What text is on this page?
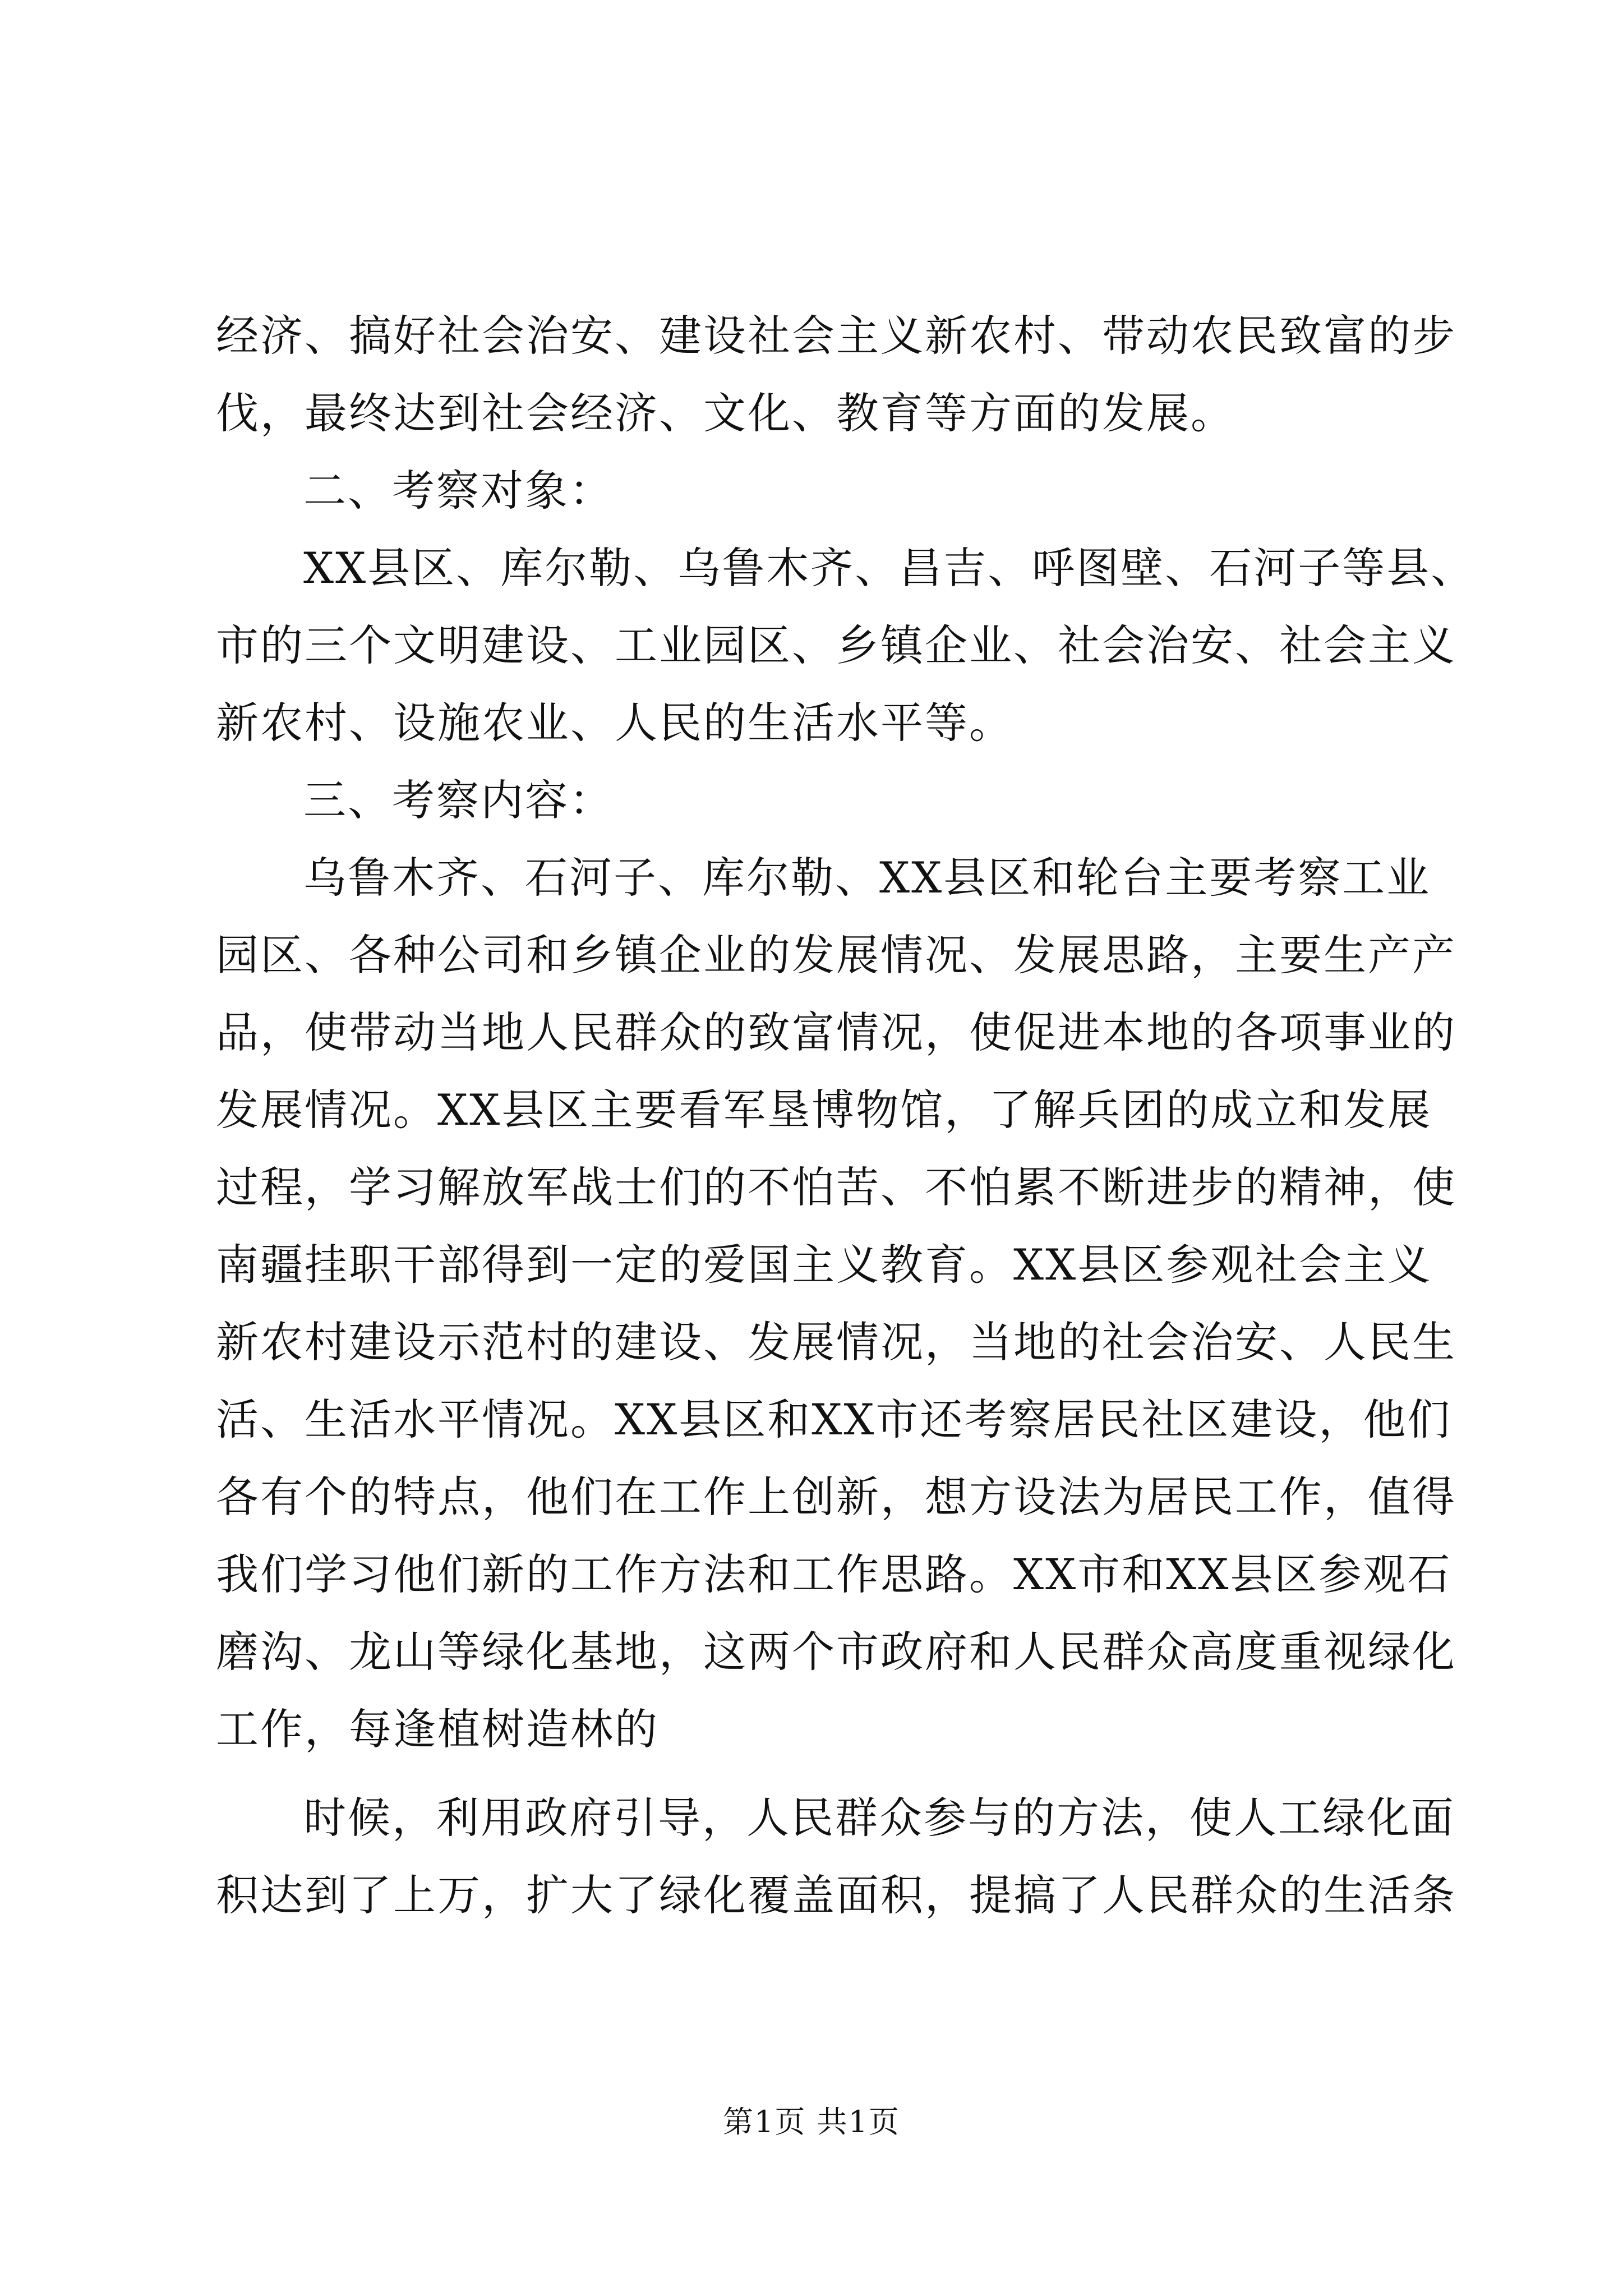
经济、搞好社会治安、建设社会主义新农村、带动农民致富的步
伐，最终达到社会经济、文化、教育等方面的发展。
二、考察对象：
XX县区、库尔勒、乌鲁木齐、昌吉、呼图壁、石河子等县、
市的三个文明建设、工业园区、乡镇企业、社会治安、社会主义
新农村、设施农业、人民的生活水平等。
三、考察内容：
乌鲁木齐、石河子、库尔勒、XX县区和轮台主要考察工业
园区、各种公司和乡镇企业的发展情况、发展思路，主要生产产
品，使带动当地人民群众的致富情况，使促进本地的各项事业的
发展情况。XX县区主要看军垦博物馆，了解兵团的成立和发展
过程，学习解放军战士们的不怕苦、不怕累不断进步的精神，使
南疆挂职干部得到一定的爱国主义教育。XX县区参观社会主义
新农村建设示范村的建设、发展情况，当地的社会治安、人民生
活、生活水平情况。XX县区和XX市还考察居民社区建设，他们
各有个的特点，他们在工作上创新，想方设法为居民工作，值得
我们学习他们新的工作方法和工作思路。XX市和XX县区参观石
磨沟、龙山等绿化基地，这两个市政府和人民群众高度重视绿化
工作，每逢植树造林的
时候，利用政府引导，人民群众参与的方法，使人工绿化面
积达到了上万，扩大了绿化覆盖面积，提搞了人民群众的生活条
第1页 共1页
